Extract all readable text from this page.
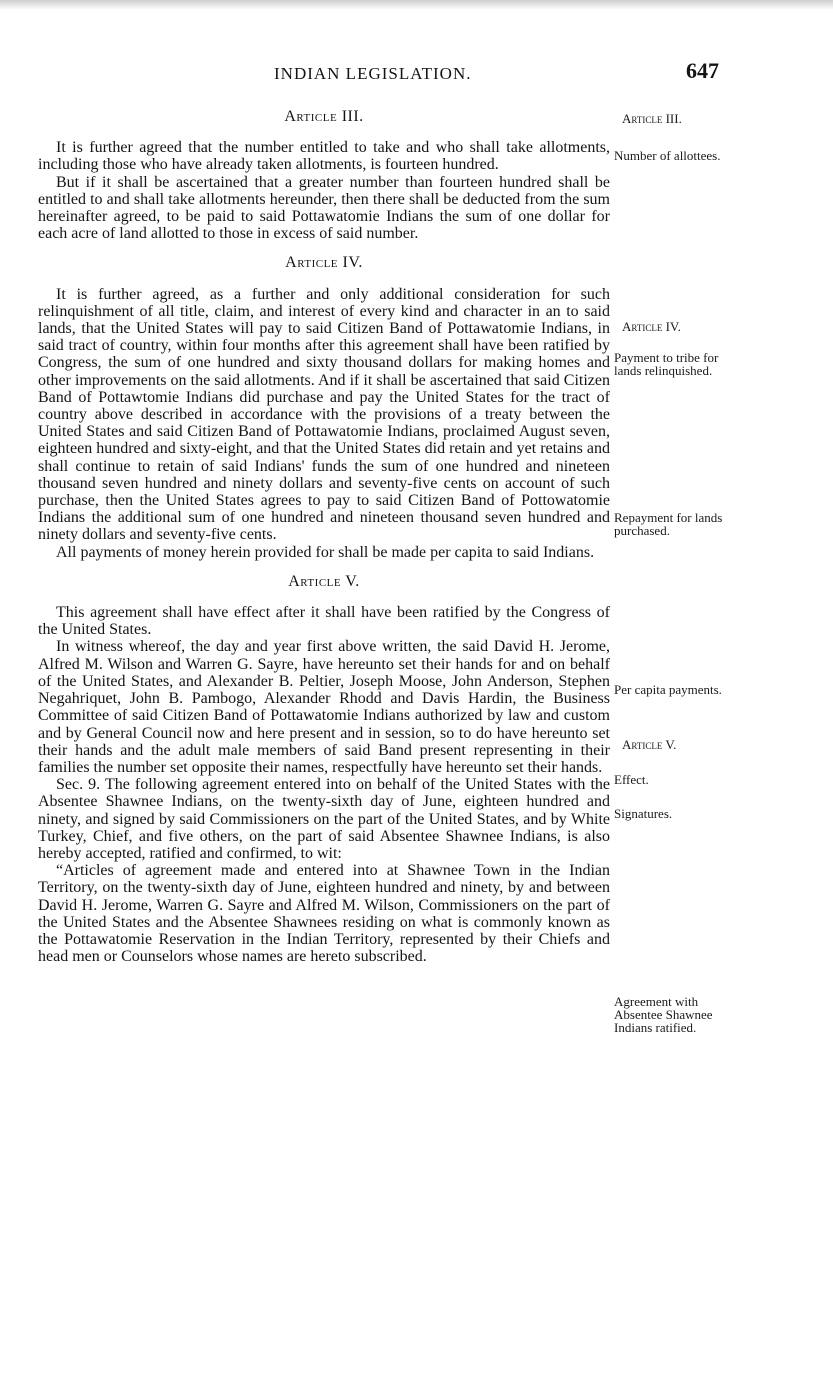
INDIAN LEGISLATION.	647
Article III.

It is further agreed that the number entitled to take and who shall take allotments, including those who have already taken allotments, is fourteen hundred.

But if it shall be ascertained that a greater number than fourteen hundred shall be entitled to and shall take allotments hereunder, then there shall be deducted from the sum hereinafter agreed, to be paid to said Pottawatomie Indians the sum of one dollar for each acre of land allotted to those in excess of said number.

Article IV.

It is further agreed, as a further and only additional consideration for such relinquishment of all title, claim, and interest of every kind and character in an to said lands, that the United States will pay to said Citizen Band of Pottawatomie Indians, in said tract of country, within four months after this agreement shall have been ratified by Congress, the sum of one hundred and sixty thousand dollars for making homes and other improvements on the said allotments. And if it shall be ascertained that said Citizen Band of Pottawtomie Indians did purchase and pay the United States for the tract of country above described in accordance with the provisions of a treaty between the United States and said Citizen Band of Pottawatomie Indians, proclaimed August seven, eighteen hundred and sixty-eight, and that the United States did retain and yet retains and shall continue to retain of said Indians' funds the sum of one hundred and nineteen thousand seven hundred and ninety dollars and seventy-five cents on account of such purchase, then the United States agrees to pay to said Citizen Band of Pottowatomie Indians the additional sum of one hundred and nineteen thousand seven hundred and ninety dollars and seventy-five cents.

All payments of money herein provided for shall be made per capita to said Indians.

Article V.

This agreement shall have effect after it shall have been ratified by the Congress of the United States.

In witness whereof, the day and year first above written, the said David H. Jerome, Alfred M. Wilson and Warren G. Sayre, have hereunto set their hands for and on behalf of the United States, and Alexander B. Peltier, Joseph Moose, John Anderson, Stephen Negahriquet, John B. Pambogo, Alexander Rhodd and Davis Hardin, the Business Committee of said Citizen Band of Pottawatomie Indians authorized by law and custom and by General Council now and here present and in session, so to do have hereunto set their hands and the adult male members of said Band present representing in their families the number set opposite their names, respectfully have hereunto set their hands.

Sec. 9. The following agreement entered into on behalf of the United States with the Absentee Shawnee Indians, on the twenty-sixth day of June, eighteen hundred and ninety, and signed by said Commissioners on the part of the United States, and by White Turkey, Chief, and five others, on the part of said Absentee Shawnee Indians, is also hereby accepted, ratified and confirmed, to wit:

“Articles of agreement made and entered into at Shawnee Town in the Indian Territory, on the twenty-sixth day of June, eighteen hundred and ninety, by and between David H. Jerome, Warren G. Sayre and Alfred M. Wilson, Commissioners on the part of the United States and the Absentee Shawnees residing on what is commonly known as the Pottawatomie Reservation in the Indian Territory, represented by their Chiefs and head men or Counselors whose names are hereto subscribed.

Article III.
Number of allottees.
Article IV.
Payment to tribe for lands relinquished.
Repayment for lands purchased.
Per capita payments.
Article V.
Effect.
Signatures.
Agreement with Absentee Shawnee Indians ratified.
